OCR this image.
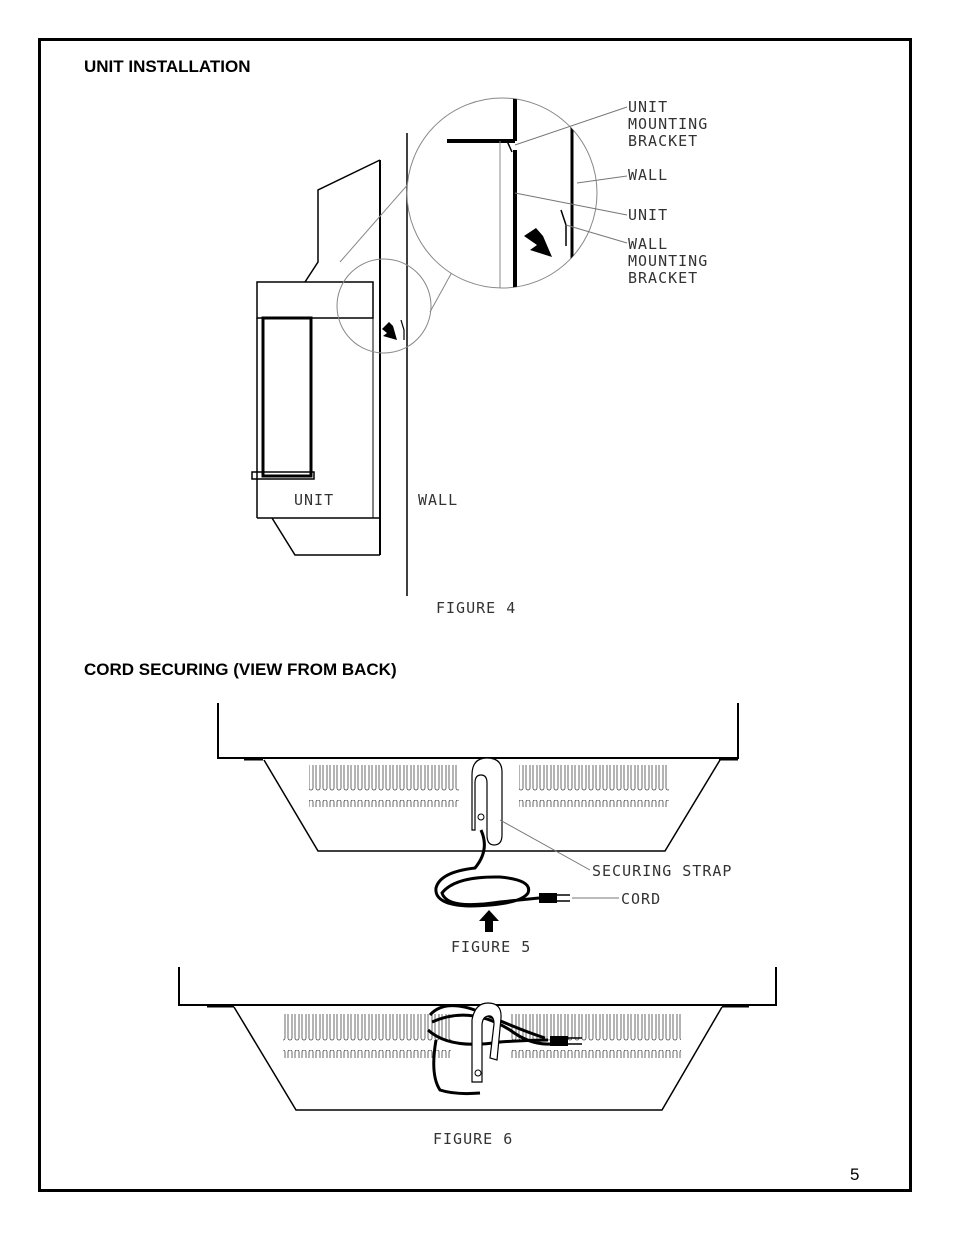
UNIT INSTALLATION
CORD SECURING (VIEW FROM BACK)
5
UNIT
MOUNTING
BRACKET
WALL
UNIT
WALL
MOUNTING
BRACKET
UNIT	WALL
FIGURE 4
SECURING STRAP
CORD
FIGURE 5
FIGURE 6
